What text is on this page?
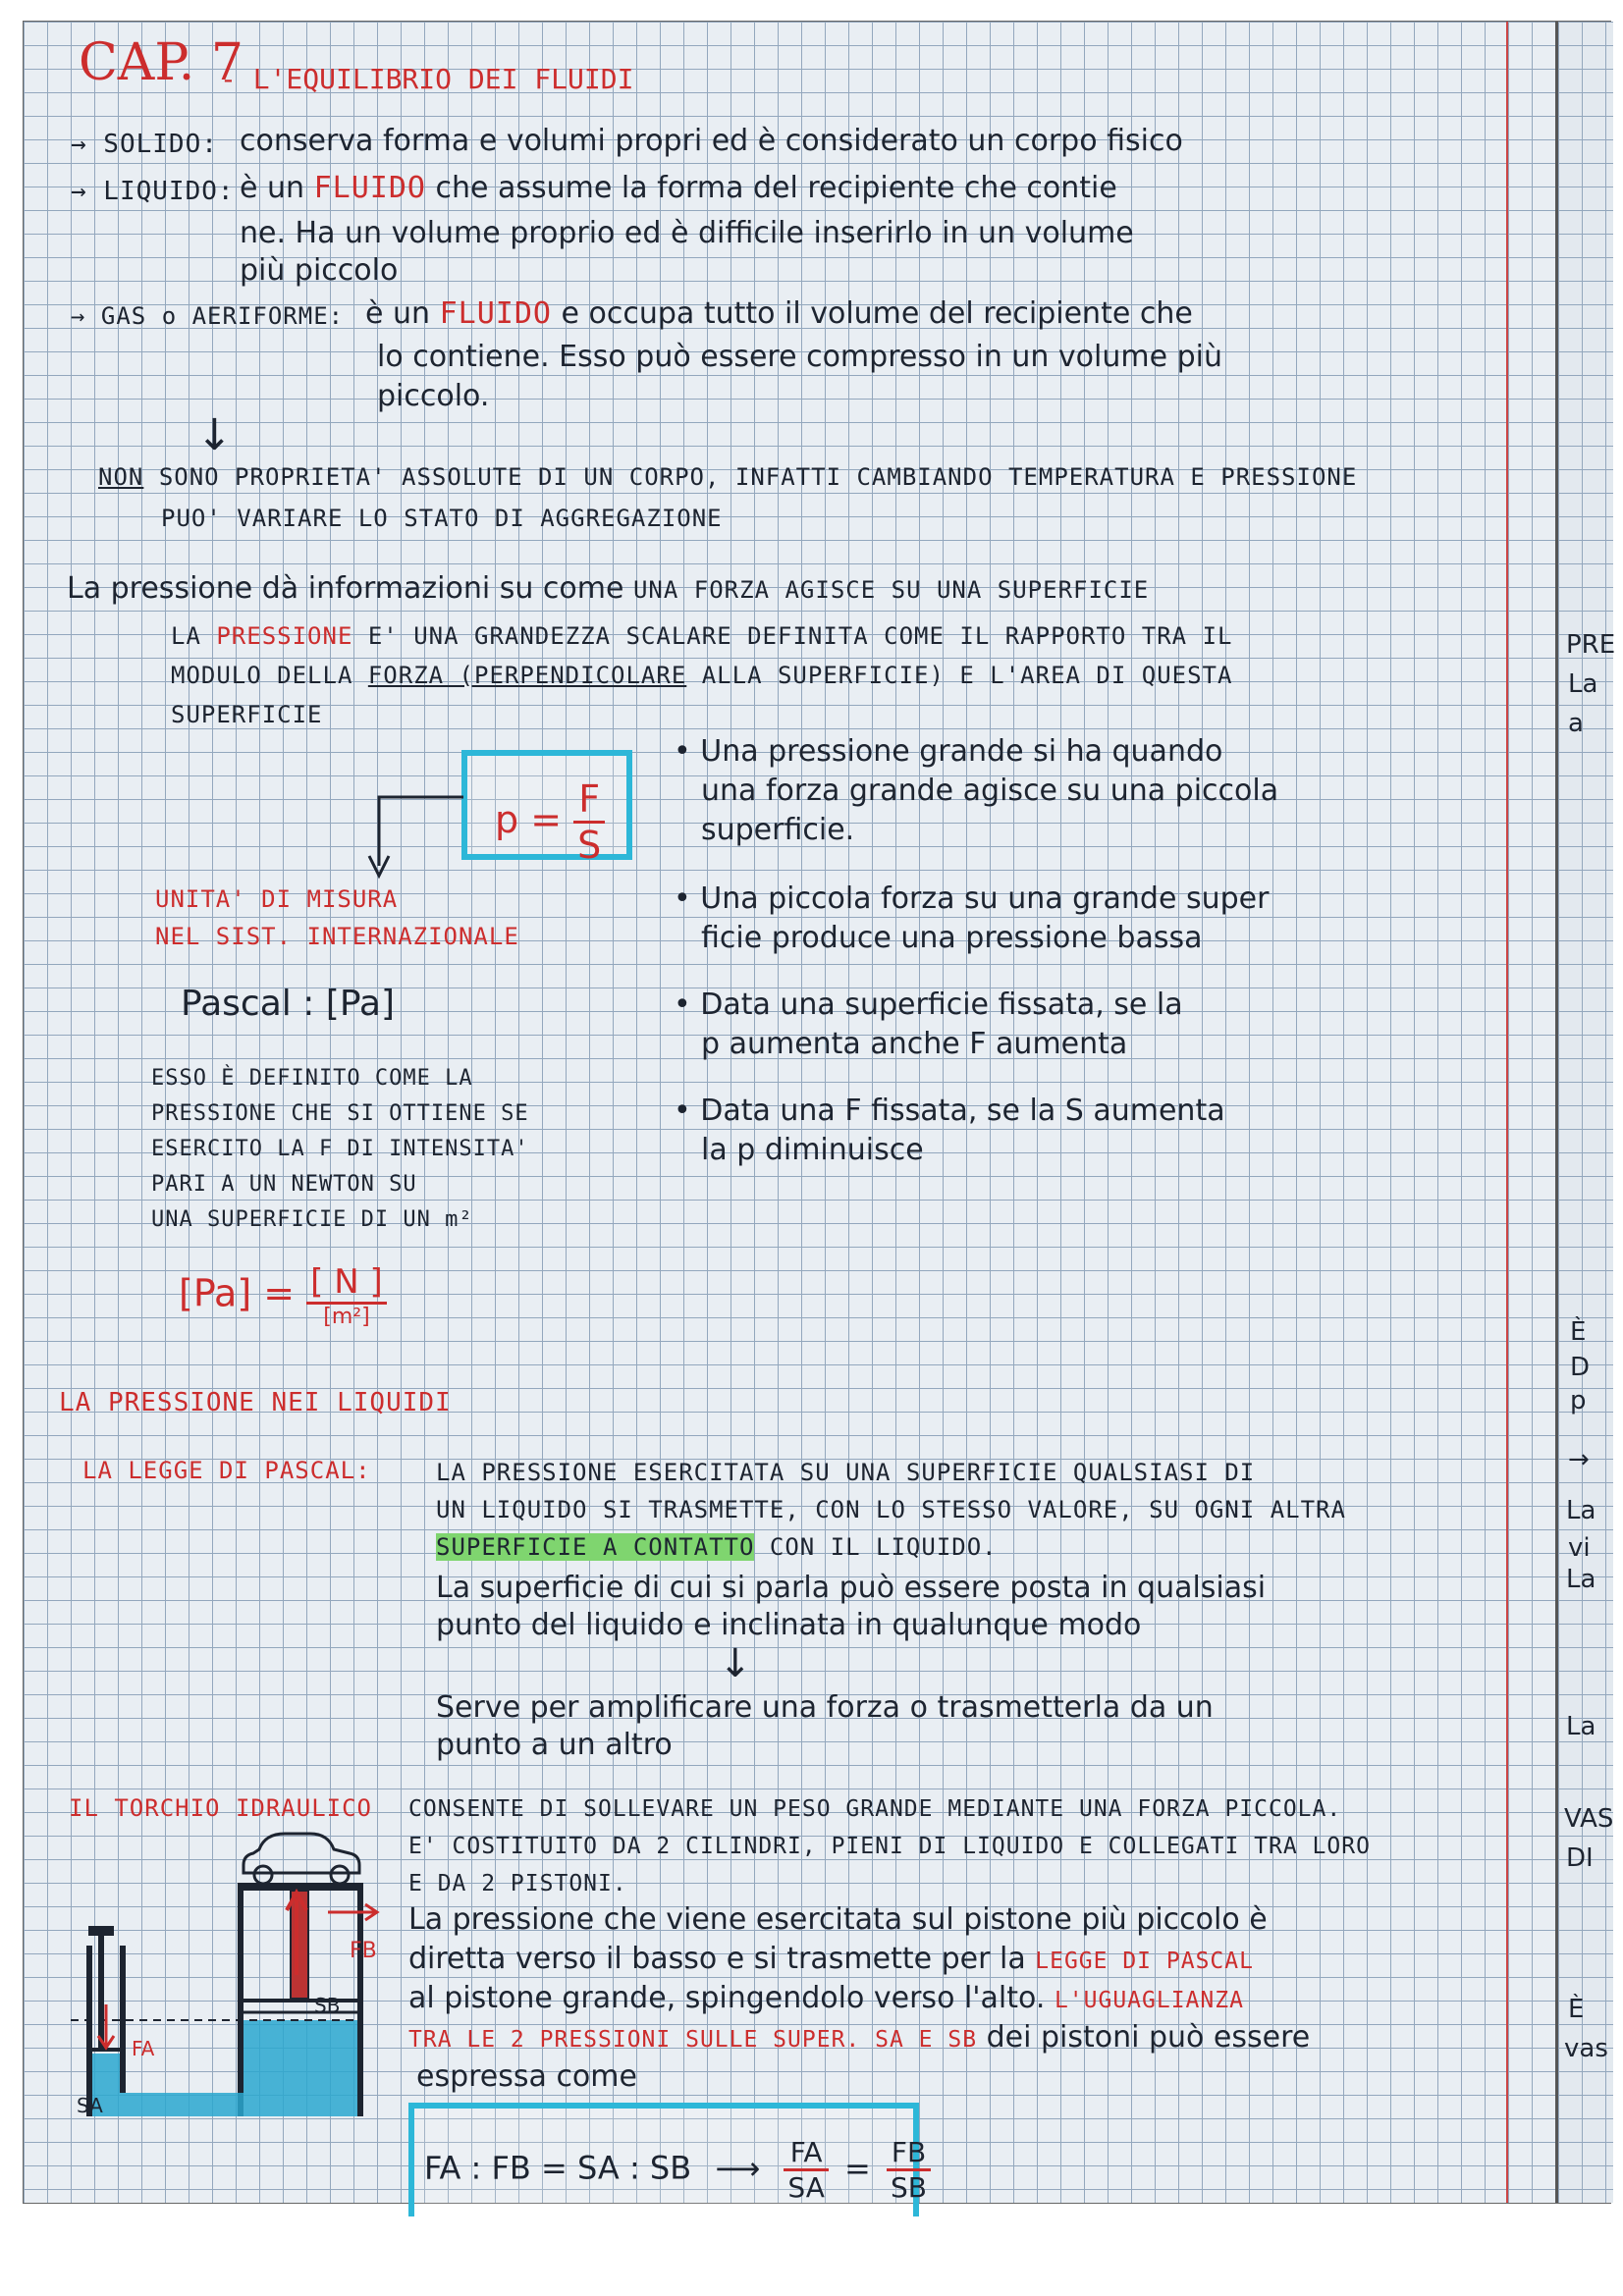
CAP. 7
- L'EQUILIBRIO DEI FLUIDI
→ SOLIDO: conserva forma e volumi propri ed è considerato un corpo fisico
→ LIQUIDO: è un FLUIDO che assume la forma del recipiente che contie
ne. Ha un volume proprio ed è difficile inserirlo in un volume
più piccolo
→ GAS o AERIFORME: è un FLUIDO e occupa tutto il volume del recipiente che
lo contiene. Esso può essere compresso in un volume più
piccolo.
↓
NON SONO PROPRIETA' ASSOLUTE DI UN CORPO, INFATTI CAMBIANDO TEMPERATURA E PRESSIONE
PUO' VARIARE LO STATO DI AGGREGAZIONE
La pressione dà informazioni su come UNA FORZA AGISCE SU UNA SUPERFICIE
LA PRESSIONE E' UNA GRANDEZZA SCALARE DEFINITA COME IL RAPPORTO TRA IL
MODULO DELLA FORZA (PERPENDICOLARE ALLA SUPERFICIE) E L'AREA DI QUESTA
SUPERFICIE
$p = \frac{F}{S}$
• Una pressione grande si ha quando
una forza grande agisce su una piccola
superficie.
• Una piccola forza su una grande super
ficie produce una pressione bassa
• Data una superficie fissata, se la
p aumenta anche F aumenta
• Data una F fissata, se la S aumenta
la p diminuisce
UNITA' DI MISURA
NEL SIST. INTERNAZIONALE
Pascal : [Pa]
ESSO È DEFINITO COME LA
PRESSIONE CHE SI OTTIENE SE
ESERCITO LA F DI INTENSITA'
PARI A UN NEWTON SU
UNA SUPERFICIE DI UN m²
$[Pa] = \frac{[ N ]}{\text{[m²]}}$
LA PRESSIONE NEI LIQUIDI
LA LEGGE DI PASCAL:	LA PRESSIONE ESERCITATA SU UNA SUPERFICIE QUALSIASI DI
UN LIQUIDO SI TRASMETTE, CON LO STESSO VALORE, SU OGNI ALTRA
SUPERFICIE A CONTATTO CON IL LIQUIDO.
La superficie di cui si parla può essere posta in qualsiasi
punto del liquido e inclinata in qualunque modo
↓
Serve per amplificare una forza o trasmetterla da un
punto a un altro
IL TORCHIO IDRAULICO CONSENTE DI SOLLEVARE UN PESO GRANDE MEDIANTE UNA FORZA PICCOLA.
E' COSTITUITO DA 2 CILINDRI, PIENI DI LIQUIDO E COLLEGATI TRA LORO
E DA 2 PISTONI.
La pressione che viene esercitata sul pistone più piccolo è
diretta verso il basso e si trasmette per la LEGGE DI PASCAL
al pistone grande, spingendolo verso l'alto. L'UGUAGLIANZA
TRA LE 2 PRESSIONI SULLE SUPER. SA E SB dei pistoni può essere
espressa come
FA : FB = SA : SB ⟶ $\frac{FA}{SA} = \frac{FB}{SB}$
FB
FA
SA
SB
PRE
La
a
È
D
p
→
La
vi
La
La
VAS
DI
È
vas
